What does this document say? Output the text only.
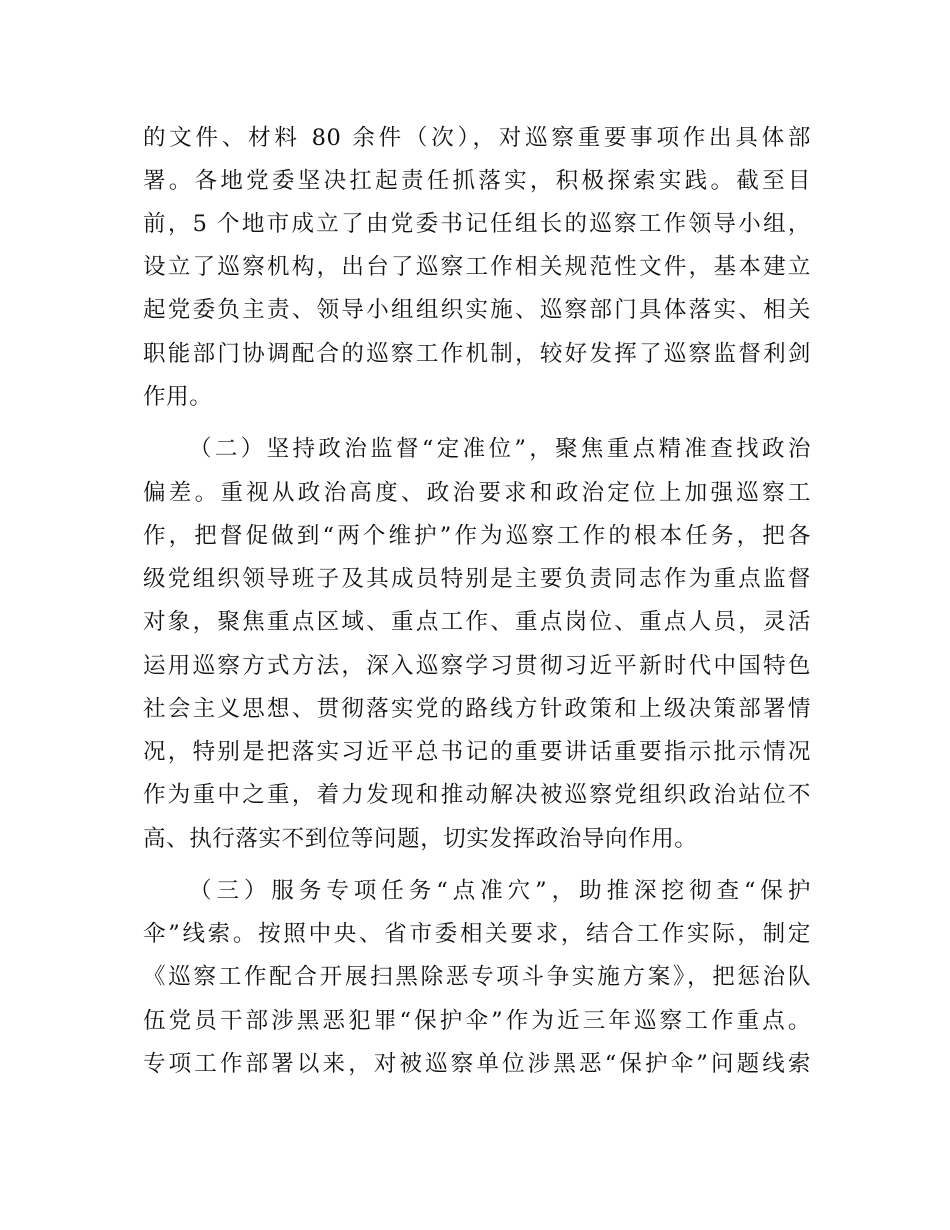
的文件、材料 80 余件（次），对巡察重要事项作出具体部
署。各地党委坚决扛起责任抓落实，积极探索实践。截至目
前，5 个地市成立了由党委书记任组长的巡察工作领导小组，
设立了巡察机构，出台了巡察工作相关规范性文件，基本建立
起党委负主责、领导小组组织实施、巡察部门具体落实、相关
职能部门协调配合的巡察工作机制，较好发挥了巡察监督利剑
作用。
（二）坚持政治监督“定准位”，聚焦重点精准查找政治
偏差。重视从政治高度、政治要求和政治定位上加强巡察工
作，把督促做到“两个维护”作为巡察工作的根本任务，把各
级党组织领导班子及其成员特别是主要负责同志作为重点监督
对象，聚焦重点区域、重点工作、重点岗位、重点人员，灵活
运用巡察方式方法，深入巡察学习贯彻习近平新时代中国特色
社会主义思想、贯彻落实党的路线方针政策和上级决策部署情
况，特别是把落实习近平总书记的重要讲话重要指示批示情况
作为重中之重，着力发现和推动解决被巡察党组织政治站位不
高、执行落实不到位等问题，切实发挥政治导向作用。
（三）服务专项任务“点准穴”，助推深挖彻查“保护
伞”线索。按照中央、省市委相关要求，结合工作实际，制定
《巡察工作配合开展扫黑除恶专项斗争实施方案》，把惩治队
伍党员干部涉黑恶犯罪“保护伞”作为近三年巡察工作重点。
专项工作部署以来，对被巡察单位涉黑恶“保护伞”问题线索
